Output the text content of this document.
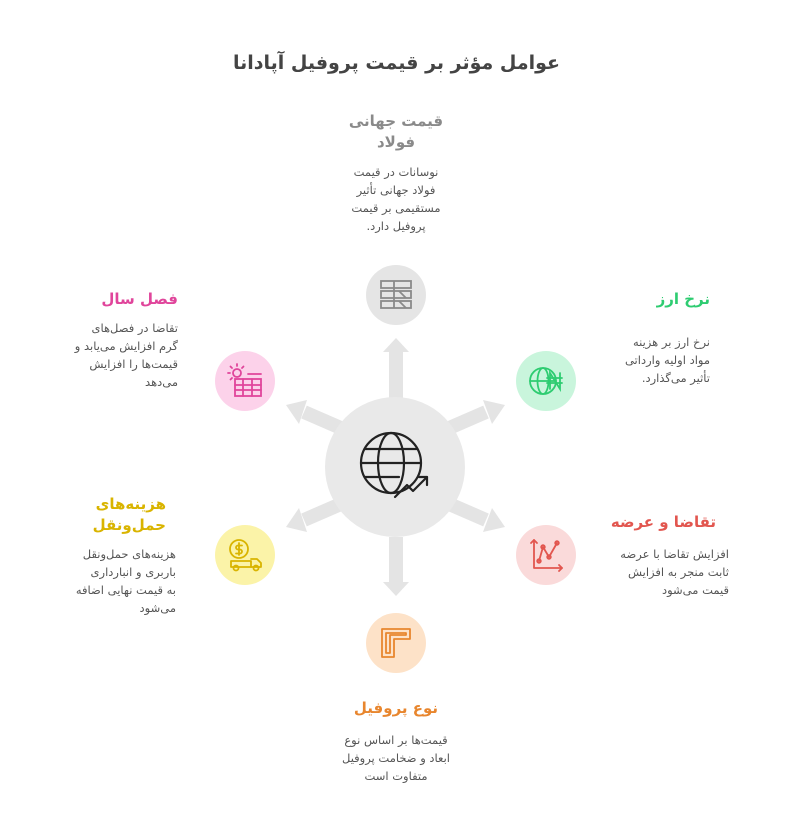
عوامل مؤثر بر قیمت پروفیل آپادانا
قیمت جهانی
فولاد
نوسانات در قیمت
فولاد جهانی تأثیر
مستقیمی بر قیمت
پروفیل دارد.
نرخ ارز
نرخ ارز بر هزینه
مواد اولیه وارداتی
تأثیر می‌گذارد.
تقاضا و عرضه
افزایش تقاضا با عرضه
ثابت منجر به افزایش
قیمت می‌شود
نوع پروفیل
قیمت‌ها بر اساس نوع
ابعاد و ضخامت پروفیل
متفاوت است
هزینه‌های
حمل‌ونقل
هزینه‌های حمل‌ونقل
باربری و انبارداری
به قیمت نهایی اضافه
می‌شود
فصل سال
تقاضا در فصل‌های
گرم افزایش می‌یابد و
قیمت‌ها را افزایش
می‌دهد
